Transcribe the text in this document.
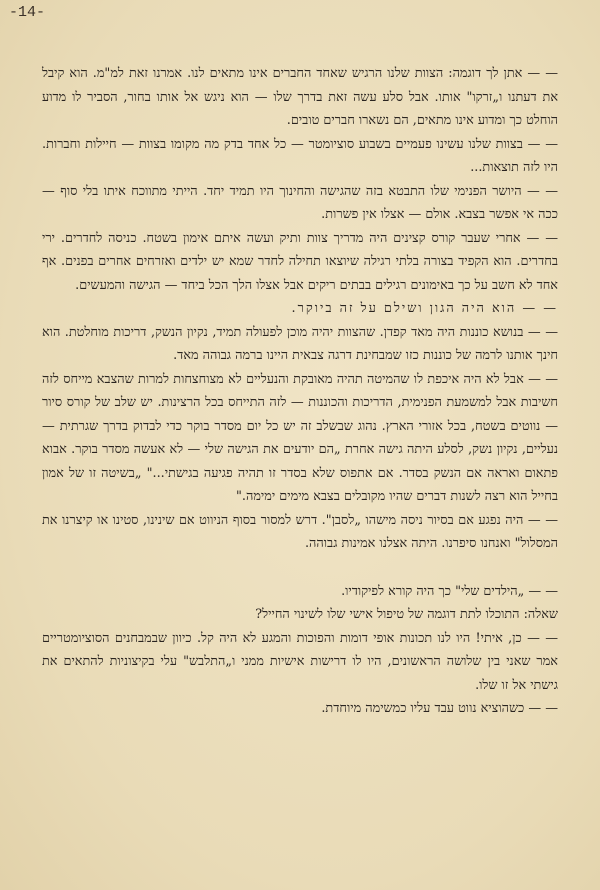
-14-

— — אתן לך דוגמה: הצוות שלנו הרגיש שאחד החברים אינו מתאים לנו. אמרנו זאת למ"מ. הוא קיבל את דעתנו ו„זרקו" אותו. אבל סלע עשה זאת בדרך שלו — הוא ניגש אל אותו בחור, הסביר לו מדוע הוחלט כך ומדוע אינו מתאים, הם נשארו חברים טובים.

— — בצוות שלנו עשינו פעמיים בשבוע סוציומטר — כל אחד בדק מה מקומו בצוות — חיילות וחברות. היו לזה תוצאות...

— — היושר הפנימי שלו התבטא בזה שהגישה והחינוך היו תמיד יחד. הייתי מתווכח איתו בלי סוף — ככה אי אפשר בצבא. אולם — אצלו אין פשרות.

— — אחרי שעבר קורס קצינים היה מדריך צוות ותיק ועשה איתם אימון בשטח. כניסה לחדרים. ירי בחדרים. הוא הקפיד בצורה בלתי רגילה שיוצאו תחילה לחדר שמא יש ילדים ואזרחים אחרים בפנים. אף אחד לא חשב על כך באימונים רגילים בבתים ריקים אבל אצלו הלך הכל ביחד — הגישה והמעשים.

— — הוא היה הגון ושילם על זה ביוקר.

— — בנושא כוננות היה מאד קפדן. שהצוות יהיה מוכן לפעולה תמיד, נקיון הנשק, דריכות מוחלטת. הוא חינך אותנו לרמה של כוננות כזו שמבחינת דרגה צבאית היינו ברמה גבוהה מאד.

— — אבל לא היה איכפת לו שהמיטה תהיה מאובקת והנעליים לא מצוחצחות למרות שהצבא מייחס לזה חשיבות אבל למשמעת הפנימית, הדריכות והכוננות — לזה התייחס בכל הרצינות. יש שלב של קורס סיור — נווטים בשטח, בכל אזורי הארץ. נהוג שבשלב זה יש כל יום מסדר בוקר כדי לבדוק בדרך שגרתית — נעליים, נקיון נשק, לסלע היתה גישה אחרת „הם יודעים את הגישה שלי — לא אעשה מסדר בוקר. אבוא פתאום ואראה אם הנשק בסדר. אם אתפוס שלא בסדר זו תהיה פגיעה בגישתי..." „בשיטה זו של אמון בחייל הוא רצה לשנות דברים שהיו מקובלים בצבא מימים ימימה."

— — היה נפגע אם בסיור ניסה מישהו „לסבן". דרש למסור בסוף הניווט אם שינינו, סטינו או קיצרנו את המסלול" ואנחנו סיפרנו. היתה אצלנו אמינות גבוהה.

— — „הילדים שלי" כך היה קורא לפיקודיו.

שאלה: התוכלו לתת דוגמה של טיפול אישי שלו לשינוי החייל?

— — כן, איתי! היו לנו תכונות אופי דומות והפוכות והמגע לא היה קל. כיוון שבמבחנים הסוציומטריים אמר שאני בין שלושה הראשונים, היו לו דרישות אישיות ממני ו„התלבש" עלי בקיצוניות להתאים את גישתי אל זו שלו.

— — כשהוציא נווט עבד עליו כמשימה מיוחדת.
